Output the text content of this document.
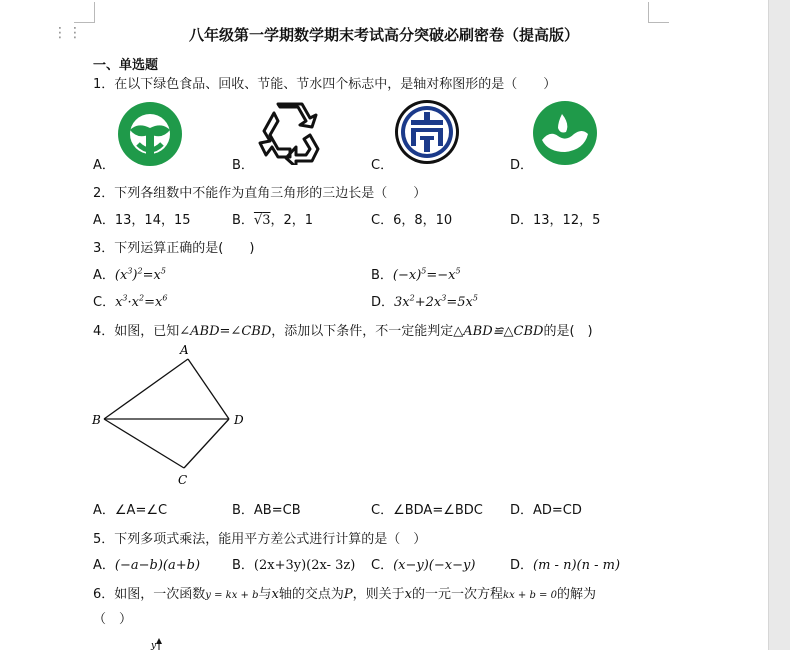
⋮⋮	八年级第一学期数学期末考试高分突破必刷密卷（提高版）
一、单选题
1．在以下绿色食品、回收、节能、节水四个标志中，是轴对称图形的是（　　）
A．	B．	C．	D．
2．下列各组数中不能作为直角三角形的三边长是（　　）
A．13，14，15	B．√3，2，1	C．6，8，10	D．13，12，5
3．下列运算正确的是(　　)
A．$(x^3)^2=x^5$	B．$(-x)^5=-x^5$
C．$x^3\cdot x^2=x^6$	D．$3x^2+2x^3=5x^5$
4．如图，已知∠ABD=∠CBD，添加以下条件，不一定能判定△ABD≌△CBD的是(　)
A
B	D
C
A．∠A=∠C	B．AB=CB	C．∠BDA=∠BDC D．AD=CD
5．下列多项式乘法，能用平方差公式进行计算的是（　）
A．(−a−b)(a+b) B．(2x+3y)(2x- 3z) C．(x−y)(−x−y)	D．(m - n)(n - m)
6．如图，一次函数y = kx + b与x轴的交点为P，则关于x的一元一次方程kx + b = 0的解为
（　）
y
